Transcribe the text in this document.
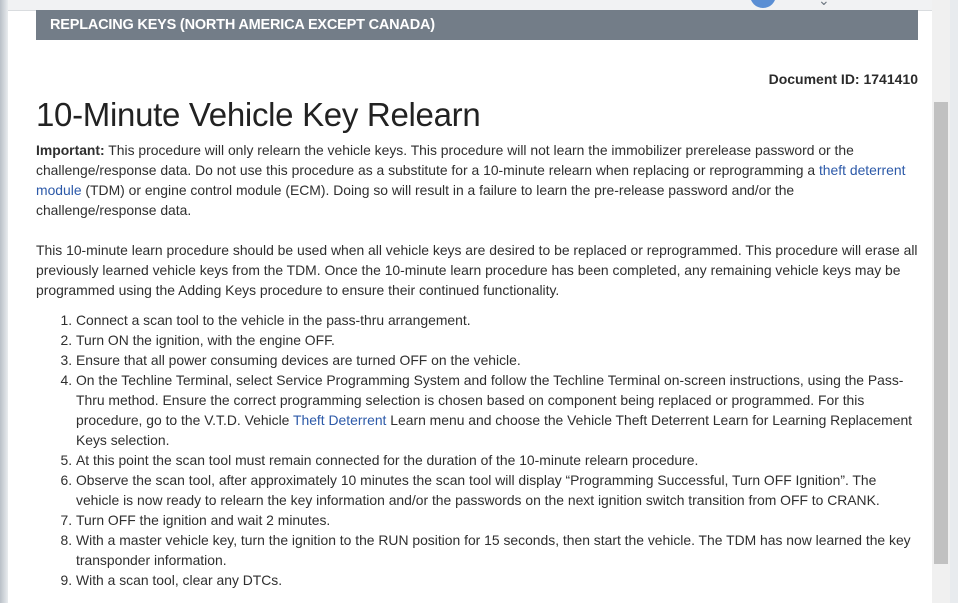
⌄
REPLACING KEYS (NORTH AMERICA EXCEPT CANADA)
Document ID: 1741410
10-Minute Vehicle Key Relearn

Important: This procedure will only relearn the vehicle keys. This procedure will not learn the immobilizer prerelease password or the challenge/response data. Do not use this procedure as a substitute for a 10-minute relearn when replacing or reprogramming a theft deterrent module (TDM) or engine control module (ECM). Doing so will result in a failure to learn the pre-release password and/or the challenge/response data.

This 10-minute learn procedure should be used when all vehicle keys are desired to be replaced or reprogrammed. This procedure will erase all previously learned vehicle keys from the TDM. Once the 10-minute learn procedure has been completed, any remaining vehicle keys may be programmed using the Adding Keys procedure to ensure their continued functionality.

1. Connect a scan tool to the vehicle in the pass-thru arrangement.
2. Turn ON the ignition, with the engine OFF.
3. Ensure that all power consuming devices are turned OFF on the vehicle.
4. On the Techline Terminal, select Service Programming System and follow the Techline Terminal on-screen instructions, using the Pass-Thru method. Ensure the correct programming selection is chosen based on component being replaced or programmed. For this procedure, go to the V.T.D. Vehicle Theft Deterrent Learn menu and choose the Vehicle Theft Deterrent Learn for Learning Replacement Keys selection.
5. At this point the scan tool must remain connected for the duration of the 10-minute relearn procedure.
6. Observe the scan tool, after approximately 10 minutes the scan tool will display “Programming Successful, Turn OFF Ignition”. The vehicle is now ready to relearn the key information and/or the passwords on the next ignition switch transition from OFF to CRANK.
7. Turn OFF the ignition and wait 2 minutes.
8. With a master vehicle key, turn the ignition to the RUN position for 15 seconds, then start the vehicle. The TDM has now learned the key transponder information.
9. With a scan tool, clear any DTCs.
